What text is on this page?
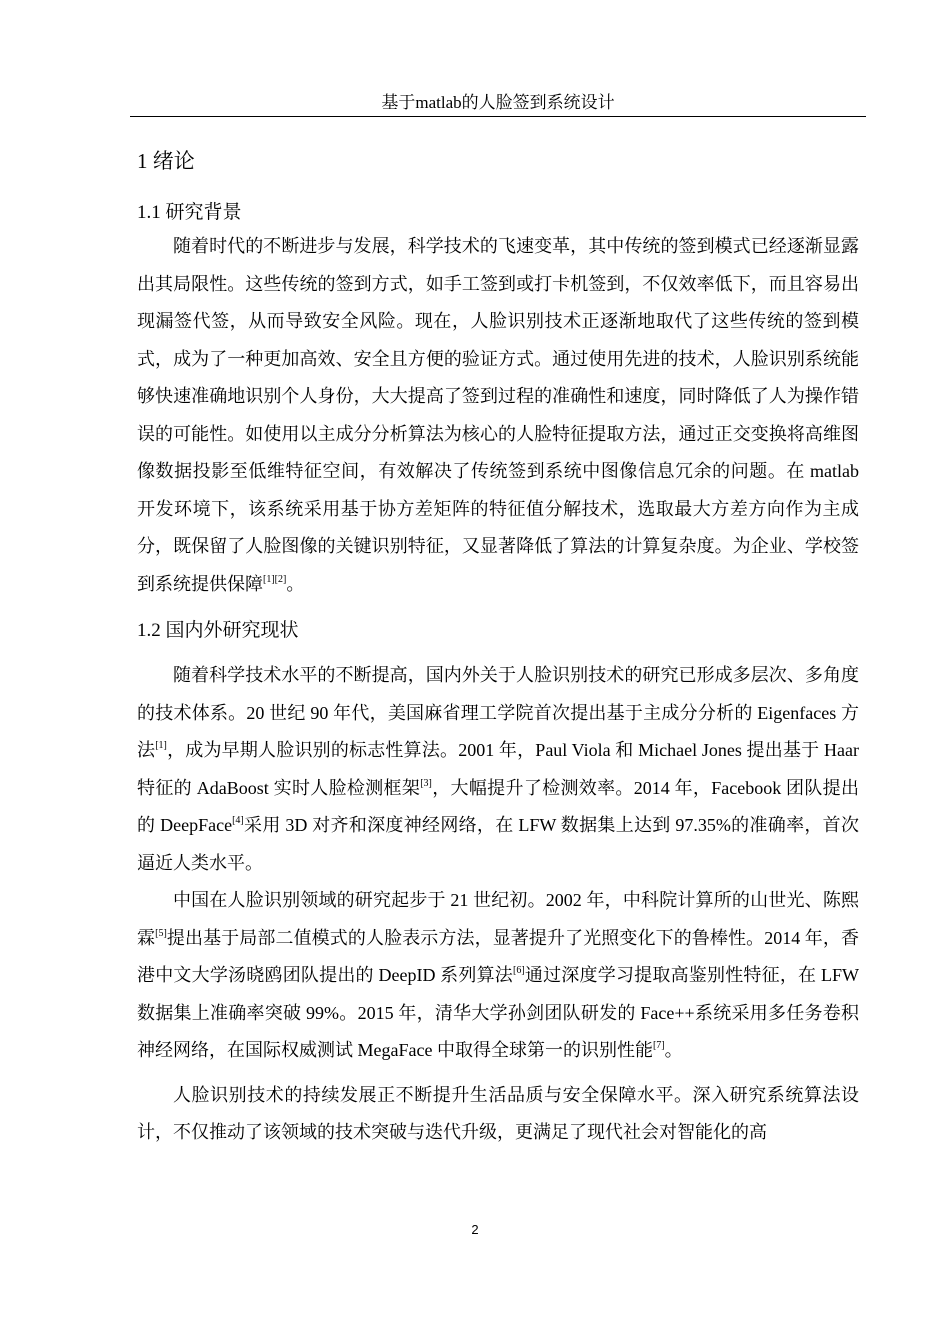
基于matlab的人脸签到系统设计
1 绪论
1.1 研究背景

随着时代的不断进步与发展，科学技术的飞速变革，其中传统的签到模式已经逐渐显露出其局限性。这些传统的签到方式，如手工签到或打卡机签到，不仅效率低下，而且容易出现漏签代签，从而导致安全风险。现在，人脸识别技术正逐渐地取代了这些传统的签到模式，成为了一种更加高效、安全且方便的验证方式。通过使用先进的技术，人脸识别系统能够快速准确地识别个人身份，大大提高了签到过程的准确性和速度，同时降低了人为操作错误的可能性。如使用以主成分分析算法为核心的人脸特征提取方法，通过正交变换将高维图像数据投影至低维特征空间，有效解决了传统签到系统中图像信息冗余的问题。在 matlab 开发环境下，该系统采用基于协方差矩阵的特征值分解技术，选取最大方差方向作为主成分，既保留了人脸图像的关键识别特征，又显著降低了算法的计算复杂度。为企业、学校签到系统提供保障[1][2]。

1.2 国内外研究现状

随着科学技术水平的不断提高，国内外关于人脸识别技术的研究已形成多层次、多角度的技术体系。20 世纪 90 年代，美国麻省理工学院首次提出基于主成分分析的 Eigenfaces 方法[1]，成为早期人脸识别的标志性算法。2001 年，Paul Viola 和 Michael Jones 提出基于 Haar 特征的 AdaBoost 实时人脸检测框架[3]，大幅提升了检测效率。2014 年，Facebook 团队提出的 DeepFace[4]采用 3D 对齐和深度神经网络，在 LFW 数据集上达到 97.35%的准确率，首次逼近人类水平。

中国在人脸识别领域的研究起步于 21 世纪初。2002 年，中科院计算所的山世光、陈熙霖[5]提出基于局部二值模式的人脸表示方法，显著提升了光照变化下的鲁棒性。2014 年，香港中文大学汤晓鸥团队提出的 DeepID 系列算法[6]通过深度学习提取高鉴别性特征，在 LFW 数据集上准确率突破 99%。2015 年，清华大学孙剑团队研发的 Face++系统采用多任务卷积神经网络，在国际权威测试 MegaFace 中取得全球第一的识别性能[7]。

人脸识别技术的持续发展正不断提升生活品质与安全保障水平。深入研究系统算法设计，不仅推动了该领域的技术突破与迭代升级，更满足了现代社会对智能化的高

2
